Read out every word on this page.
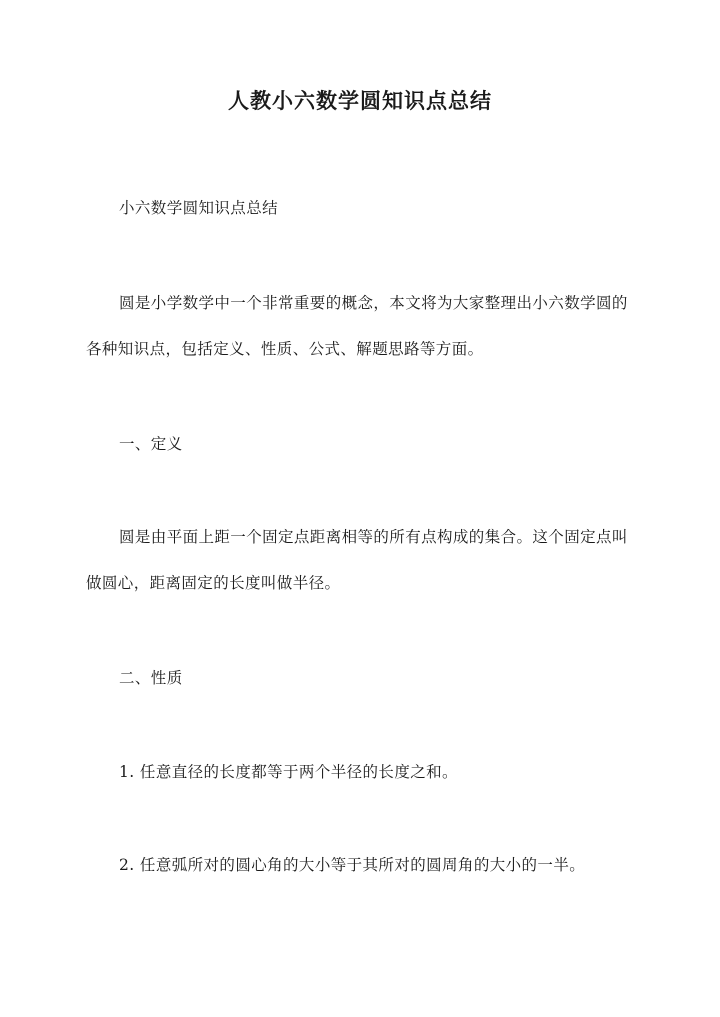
人教小六数学圆知识点总结
小六数学圆知识点总结
圆是小学数学中一个非常重要的概念，本文将为大家整理出小六数学圆的各种知识点，包括定义、性质、公式、解题思路等方面。
一、定义
圆是由平面上距一个固定点距离相等的所有点构成的集合。这个固定点叫做圆心，距离固定的长度叫做半径。
二、性质
1. 任意直径的长度都等于两个半径的长度之和。
2. 任意弧所对的圆心角的大小等于其所对的圆周角的大小的一半。
